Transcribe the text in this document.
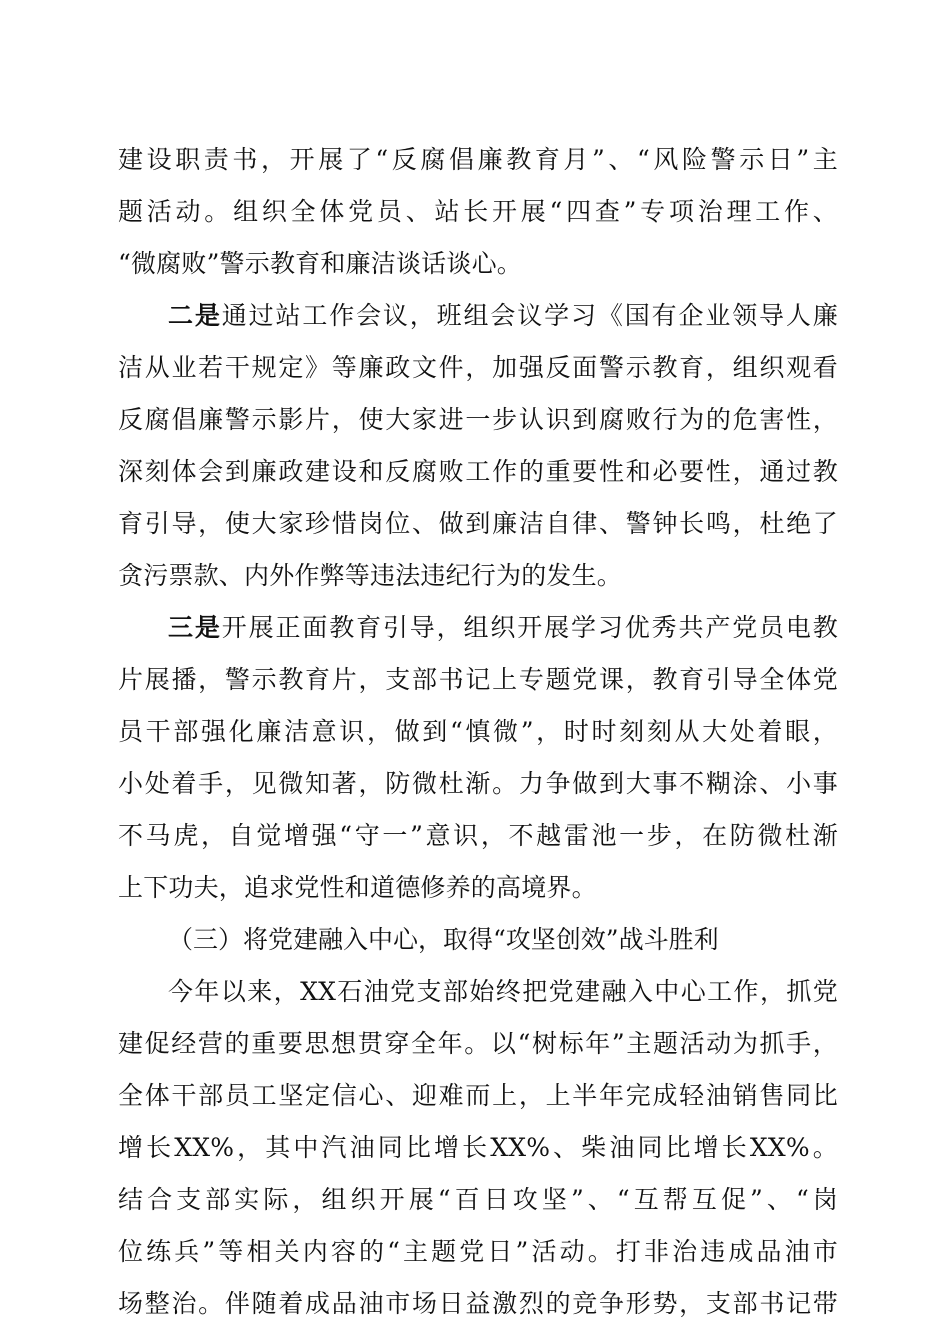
建设职责书，开展了“反腐倡廉教育月”、“风险警示日”主
题活动。组织全体党员、站长开展“四查”专项治理工作、
“微腐败”警示教育和廉洁谈话谈心。
二是通过站工作会议，班组会议学习《国有企业领导人廉
洁从业若干规定》等廉政文件，加强反面警示教育，组织观看
反腐倡廉警示影片，使大家进一步认识到腐败行为的危害性，
深刻体会到廉政建设和反腐败工作的重要性和必要性，通过教
育引导，使大家珍惜岗位、做到廉洁自律、警钟长鸣，杜绝了
贪污票款、内外作弊等违法违纪行为的发生。
三是开展正面教育引导，组织开展学习优秀共产党员电教
片展播，警示教育片，支部书记上专题党课，教育引导全体党
员干部强化廉洁意识，做到“慎微”，时时刻刻从大处着眼，
小处着手，见微知著，防微杜渐。力争做到大事不糊涂、小事
不马虎，自觉增强“守一”意识，不越雷池一步，在防微杜渐
上下功夫，追求党性和道德修养的高境界。
（三）将党建融入中心，取得“攻坚创效”战斗胜利
今年以来，XX石油党支部始终把党建融入中心工作，抓党
建促经营的重要思想贯穿全年。以“树标年”主题活动为抓手，
全体干部员工坚定信心、迎难而上，上半年完成轻油销售同比
增长XX%，其中汽油同比增长XX%、柴油同比增长XX%。
结合支部实际，组织开展“百日攻坚”、“互帮互促”、“岗
位练兵”等相关内容的“主题党日”活动。打非治违成品油市
场整治。伴随着成品油市场日益激烈的竞争形势，支部书记带
